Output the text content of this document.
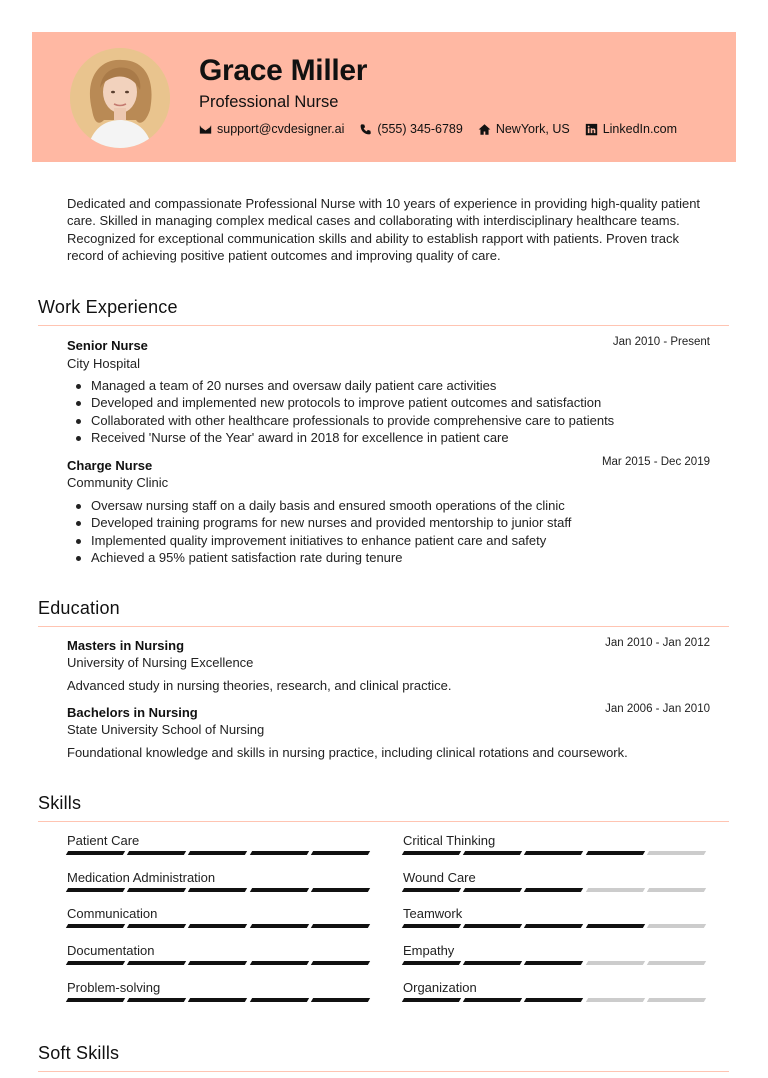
Grace Miller
Professional Nurse
support@cvdesigner.ai	(555) 345-6789	NewYork, US	LinkedIn.com

Dedicated and compassionate Professional Nurse with 10 years of experience in providing high-quality patient care. Skilled in managing complex medical cases and collaborating with interdisciplinary healthcare teams. Recognized for exceptional communication skills and ability to establish rapport with patients. Proven track record of achieving positive patient outcomes and improving quality of care.

Work Experience
Senior Nurse	Jan 2010 - Present
City Hospital
Managed a team of 20 nurses and oversaw daily patient care activities
Developed and implemented new protocols to improve patient outcomes and satisfaction
Collaborated with other healthcare professionals to provide comprehensive care to patients
Received 'Nurse of the Year' award in 2018 for excellence in patient care
Charge Nurse	Mar 2015 - Dec 2019
Community Clinic
Oversaw nursing staff on a daily basis and ensured smooth operations of the clinic
Developed training programs for new nurses and provided mentorship to junior staff
Implemented quality improvement initiatives to enhance patient care and safety
Achieved a 95% patient satisfaction rate during tenure
Education
Masters in Nursing	Jan 2010 - Jan 2012
University of Nursing Excellence
Advanced study in nursing theories, research, and clinical practice.
Bachelors in Nursing	Jan 2006 - Jan 2010
State University School of Nursing
Foundational knowledge and skills in nursing practice, including clinical rotations and coursework.
Skills
Patient Care	Critical Thinking
Medication Administration	Wound Care
Communication	Teamwork
Documentation	Empathy
Problem-solving	Organization
Soft Skills
